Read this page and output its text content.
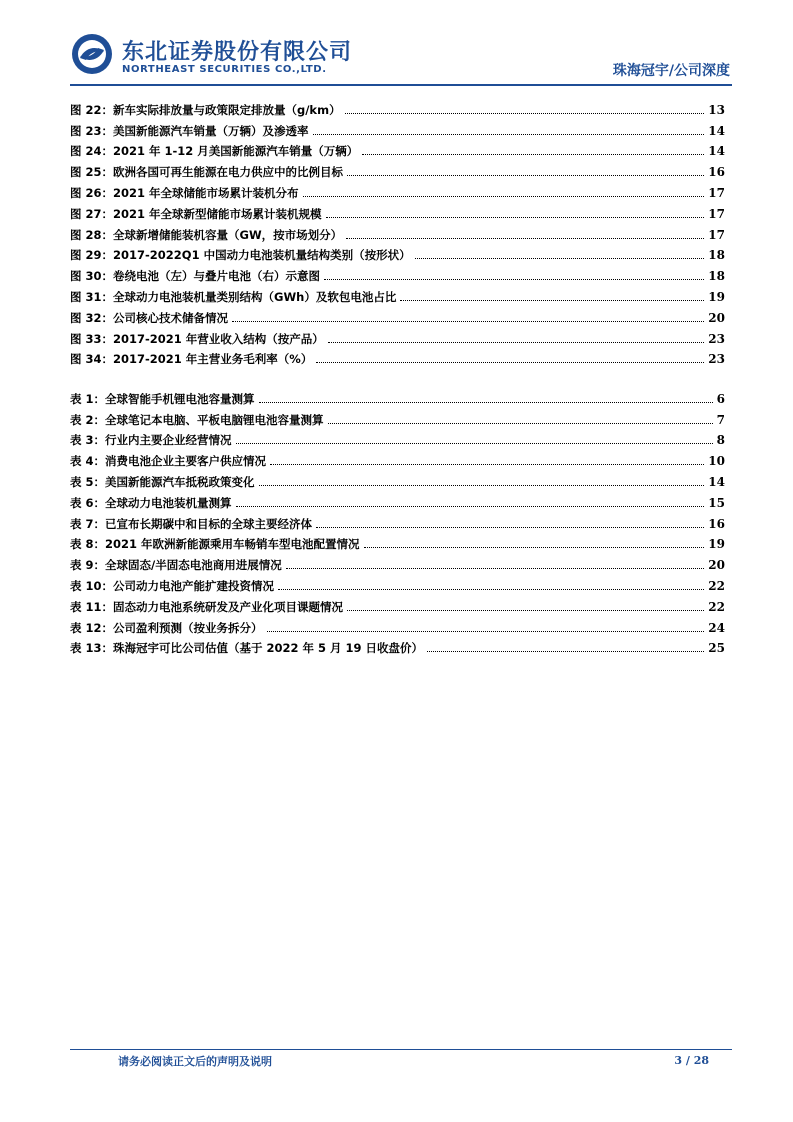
东北证券股份有限公司
NORTHEAST SECURITIES CO.,LTD.	珠海冠宇/公司深度
图 22：新车实际排放量与政策限定排放量（g/km）	13
图 23：美国新能源汽车销量（万辆）及渗透率	14
图 24：2021 年 1-12 月美国新能源汽车销量（万辆）	14
图 25：欧洲各国可再生能源在电力供应中的比例目标	16
图 26：2021 年全球储能市场累计装机分布	17
图 27：2021 年全球新型储能市场累计装机规模	17
图 28：全球新增储能装机容量（GW，按市场划分）	17
图 29：2017-2022Q1 中国动力电池装机量结构类别（按形状）	18
图 30：卷绕电池（左）与叠片电池（右）示意图	18
图 31：全球动力电池装机量类别结构（GWh）及软包电池占比	19
图 32：公司核心技术储备情况	20
图 33：2017-2021 年营业收入结构（按产品）	23
图 34：2017-2021 年主营业务毛利率（%）	23
表 1：全球智能手机锂电池容量测算	6
表 2：全球笔记本电脑、平板电脑锂电池容量测算	7
表 3：行业内主要企业经营情况	8
表 4：消费电池企业主要客户供应情况	10
表 5：美国新能源汽车抵税政策变化	14
表 6：全球动力电池装机量测算	15
表 7：已宣布长期碳中和目标的全球主要经济体	16
表 8：2021 年欧洲新能源乘用车畅销车型电池配置情况	19
表 9：全球固态/半固态电池商用进展情况	20
表 10：公司动力电池产能扩建投资情况	22
表 11：固态动力电池系统研发及产业化项目课题情况	22
表 12：公司盈利预测（按业务拆分）	24
表 13：珠海冠宇可比公司估值（基于 2022 年 5 月 19 日收盘价）	25
请务必阅读正文后的声明及说明	3 / 28
